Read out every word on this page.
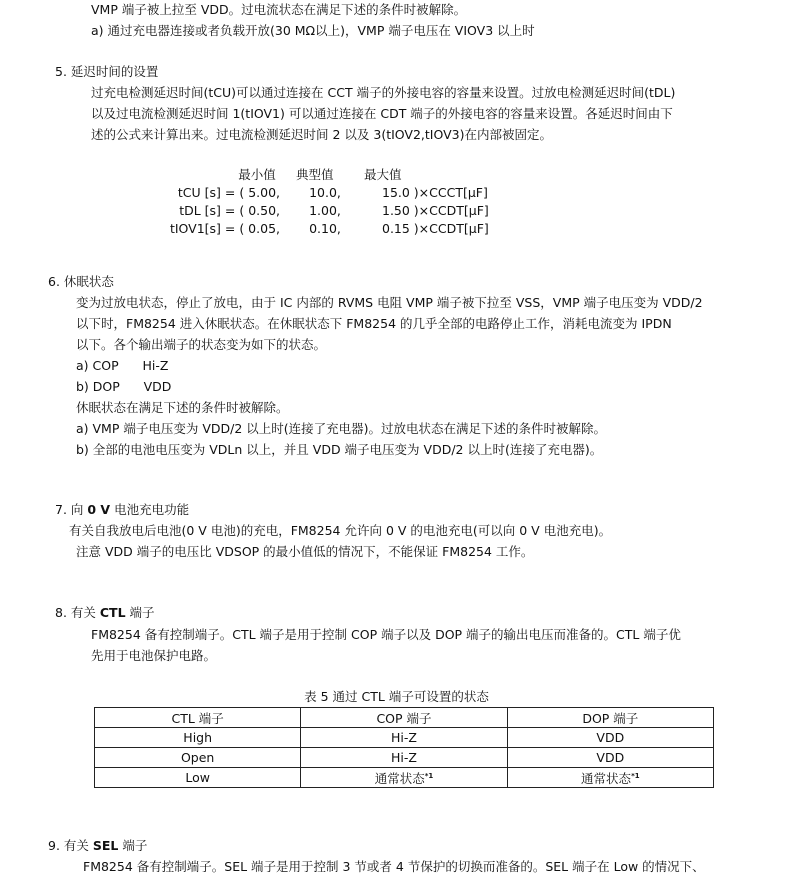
VMP 端子被上拉至 VDD。过电流状态在满足下述的条件时被解除。
a) 通过充电器连接或者负载开放(30 MΩ以上)，VMP 端子电压在 VIOV3 以上时
5. 延迟时间的设置
过充电检测延迟时间(tCU)可以通过连接在 CCT 端子的外接电容的容量来设置。过放电检测延迟时间(tDL)
以及过电流检测延迟时间 1(tIOV1) 可以通过连接在 CDT 端子的外接电容的容量来设置。各延迟时间由下
述的公式来计算出来。过电流检测延迟时间 2 以及 3(tIOV2,tIOV3)在内部被固定。
	最小值	典型值	最大值
tCU [s] = ( 5.00,		10.0,	15.0 )×CCCT[μF]
tDL [s] = ( 0.50,		1.00,	1.50 )×CCDT[μF]
tIOV1[s] = ( 0.05,		0.10,	0.15 )×CCDT[μF]
6. 休眠状态
变为过放电状态，停止了放电，由于 IC 内部的 RVMS 电阻 VMP 端子被下拉至 VSS，VMP 端子电压变为 VDD/2
以下时，FM8254 进入休眠状态。在休眠状态下 FM8254 的几乎全部的电路停止工作，消耗电流变为 IPDN
以下。各个输出端子的状态变为如下的状态。
a) COP      Hi-Z
b) DOP      VDD
休眠状态在满足下述的条件时被解除。
a) VMP 端子电压变为 VDD/2 以上时(连接了充电器)。过放电状态在满足下述的条件时被解除。
b) 全部的电池电压变为 VDLn 以上，并且 VDD 端子电压变为 VDD/2 以上时(连接了充电器)。
7. 向 0 V 电池充电功能
有关自我放电后电池(0 V 电池)的充电，FM8254 允许向 0 V 的电池充电(可以向 0 V 电池充电)。
注意 VDD 端子的电压比 VDSOP 的最小值低的情况下，不能保证 FM8254 工作。
8. 有关 CTL 端子
FM8254 备有控制端子。CTL 端子是用于控制 COP 端子以及 DOP 端子的输出电压而准备的。CTL 端子优
先用于电池保护电路。
表 5 通过 CTL 端子可设置的状态
CTL 端子	COP 端子	DOP 端子
High	Hi-Z	VDD
Open	Hi-Z	VDD
Low	通常状态$^{*1}$	通常状态$^{*1}$
9. 有关 SEL 端子
FM8254 备有控制端子。SEL 端子是用于控制 3 节或者 4 节保护的切换而准备的。SEL 端子在 Low 的情况下、
